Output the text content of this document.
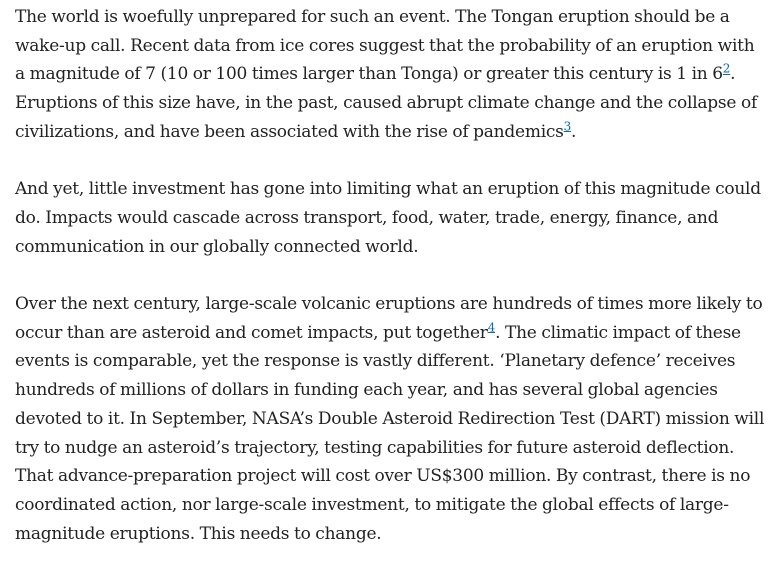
The world is woefully unprepared for such an event. The Tongan eruption should be a wake-up call. Recent data from ice cores suggest that the probability of an eruption with a magnitude of 7 (10 or 100 times larger than Tonga) or greater this century is 1 in 6$^2$. Eruptions of this size have, in the past, caused abrupt climate change and the collapse of civilizations, and have been associated with the rise of pandemics$^3$.

And yet, little investment has gone into limiting what an eruption of this magnitude could do. Impacts would cascade across transport, food, water, trade, energy, finance, and communication in our globally connected world.

Over the next century, large-scale volcanic eruptions are hundreds of times more likely to occur than are asteroid and comet impacts, put together$^4$. The climatic impact of these events is comparable, yet the response is vastly different. ‘Planetary defence’ receives hundreds of millions of dollars in funding each year, and has several global agencies devoted to it. In September, NASA’s Double Asteroid Redirection Test (DART) mission will try to nudge an asteroid’s trajectory, testing capabilities for future asteroid deflection. That advance-preparation project will cost over US$300 million. By contrast, there is no coordinated action, nor large-scale investment, to mitigate the global effects of large-magnitude eruptions. This needs to change.
